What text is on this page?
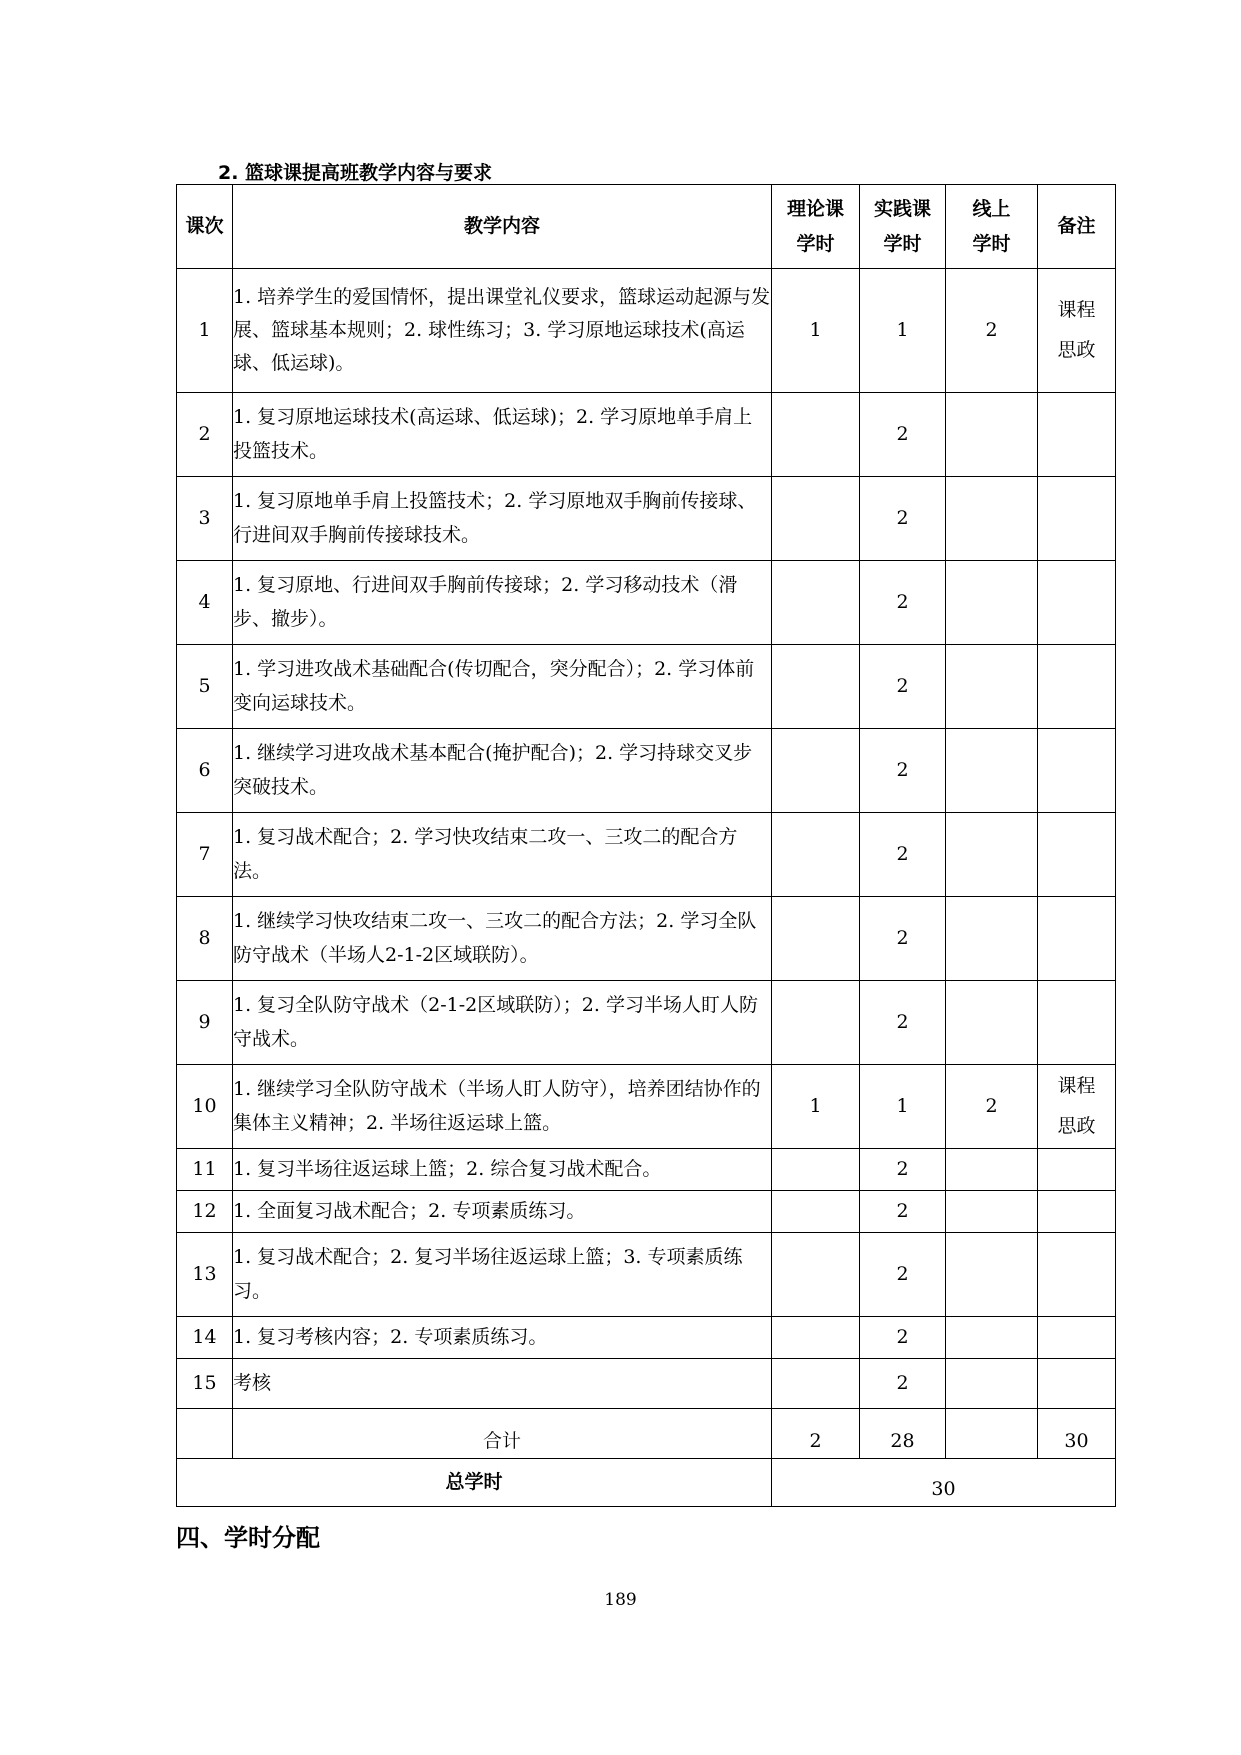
2. 篮球课提高班教学内容与要求
课次	教学内容	理论课学时	实践课学时	线上学时	备注
1	1. 培养学生的爱国情怀，提出课堂礼仪要求，篮球运动起源与发展、篮球基本规则；2. 球性练习；3. 学习原地运球技术(高运球、低运球)。	1	1	2	课程思政

2	1. 复习原地运球技术(高运球、低运球)；2. 学习原地单手肩上投篮技术。		2		
3	1. 复习原地单手肩上投篮技术；2. 学习原地双手胸前传接球、行进间双手胸前传接球技术。		2		
4	1. 复习原地、行进间双手胸前传接球；2. 学习移动技术（滑步、撤步）。		2		
5	1. 学习进攻战术基础配合(传切配合，突分配合）；2. 学习体前变向运球技术。		2		
6	1. 继续学习进攻战术基本配合(掩护配合)；2. 学习持球交叉步突破技术。		2		
7	1. 复习战术配合；2. 学习快攻结束二攻一、三攻二的配合方法。		2		
8	1. 继续学习快攻结束二攻一、三攻二的配合方法；2. 学习全队防守战术（半场人2-1-2区域联防）。		2		
9	1. 复习全队防守战术（2-1-2区域联防）；2. 学习半场人盯人防守战术。		2		
10	1. 继续学习全队防守战术（半场人盯人防守），培养团结协作的集体主义精神；2. 半场往返运球上篮。	1	1	2	课程思政

11	1. 复习半场往返运球上篮；2. 综合复习战术配合。		2		
12	1. 全面复习战术配合；2. 专项素质练习。		2		
13	1. 复习战术配合；2. 复习半场往返运球上篮；3. 专项素质练习。		2		
14	1. 复习考核内容；2. 专项素质练习。		2		
15	考核		2		
	合计	2	28		30
总学时		30			
四、学时分配
189
